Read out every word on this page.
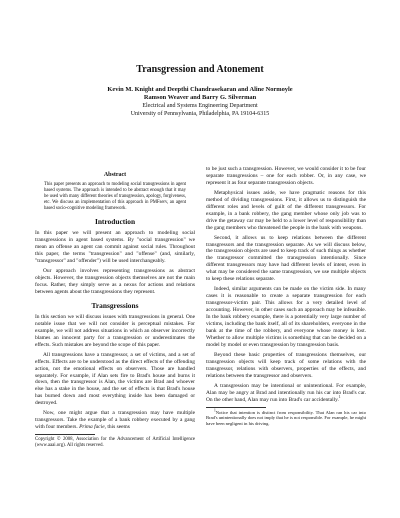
Transgression and Atonement
Kevin M. Knight and Deepthi Chandrasekaran and Aline Normoyle
Ramson Weaver and Barry G. Silverman
Electrical and Systems Engineering Department
University of Pennsylvania, Philadelphia, PA 19104-6315
Abstract

This paper presents an approach to modeling social transgressions in agent based systems. The approach is intended to be abstract enough that it may be used with many different theories of transgression, apology, forgiveness, etc. We discuss an implementation of this approach in PMFserv, an agent based socio-cognitive modeling framework.

Introduction

In this paper we will present an approach to modeling social transgressions in agent based systems. By "social transgression" we mean an offense an agent can commit against social rules. Throughout this paper, the terms "transgression" and "offense" (and, similarly, "transgressor" and "offender") will be used interchangeably.

Our approach involves representing transgressions as abstract objects. However, the transgression objects themselves are not the main focus. Rather, they simply serve as a nexus for actions and relations between agents about the transgressions they represent.

Transgressions

In this section we will discuss issues with transgressions in general. One notable issue that we will not consider is perceptual mistakes. For example, we will not address situations in which an observer incorrectly blames an innocent party for a transgression or underestimates the effects. Such mistakes are beyond the scope of this paper.

All transgressions have a transgressor, a set of victims, and a set of effects. Effects are to be understood as the direct effects of the offending action, not the emotional effects on observers. Those are handled separately. For example, if Alan sets fire to Brad's house and burns it down, then the transgressor is Alan, the victims are Brad and whoever else has a stake in the house, and the set of effects is that Brad's house has burned down and most everything inside has been damaged or destroyed.

Now, one might argue that a transgression may have multiple transgressors. Take the example of a bank robbery executed by a gang with four members. Prima facie, this seems

Copyright © 2008, Association for the Advancement of Artificial Intelligence (www.aaai.org). All rights reserved.

to be just such a transgression. However, we would consider it to be four separate transgressions – one for each robber. Or, in any case, we represent it as four separate transgression objects.

Metaphysical issues aside, we have pragmatic reasons for this method of dividing transgressions. First, it allows us to distinguish the different roles and levels of guilt of the different transgressors. For example, in a bank robbery, the gang member whose only job was to drive the getaway car may be held to a lower level of responsibility than the gang members who threatened the people in the bank with weapons.

Second, it allows us to keep relations between the different transgressors and the transgression separate. As we will discuss below, the transgression objects are used to keep track of such things as whether the transgressor committed the transgression intentionally. Since different transgressors may have had different levels of intent, even in what may be considered the same transgression, we use multiple objects to keep these relations separate.

Indeed, similar arguments can be made on the victim side. In many cases it is reasonable to create a separate transgression for each transgressor-victim pair. This allows for a very detailed level of accounting. However, in other cases such an approach may be infeasible. In the bank robbery example, there is a potentially very large number of victims, including the bank itself, all of its shareholders, everyone in the bank at the time of the robbery, and everyone whose money is lost. Whether to allow multiple victims is something that can be decided on a model by model or even transgression by transgression basis.

Beyond these basic properties of transgressions themselves, our transgression objects will keep track of some relations with the transgressor, relations with observers, properties of the effects, and relations between the transgressor and observers.

A transgression may be intentional or unintentional. For example, Alan may be angry at Brad and intentionally run his car into Brad's car. On the other hand, Alan may run into Brad's car accidentally.$^1$

$^1$Notice that intention is distinct from responsibility. That Alan ran his car into Brad's unintentionally does not imply that he is not responsible. For example, he might have been negligent in his driving.
